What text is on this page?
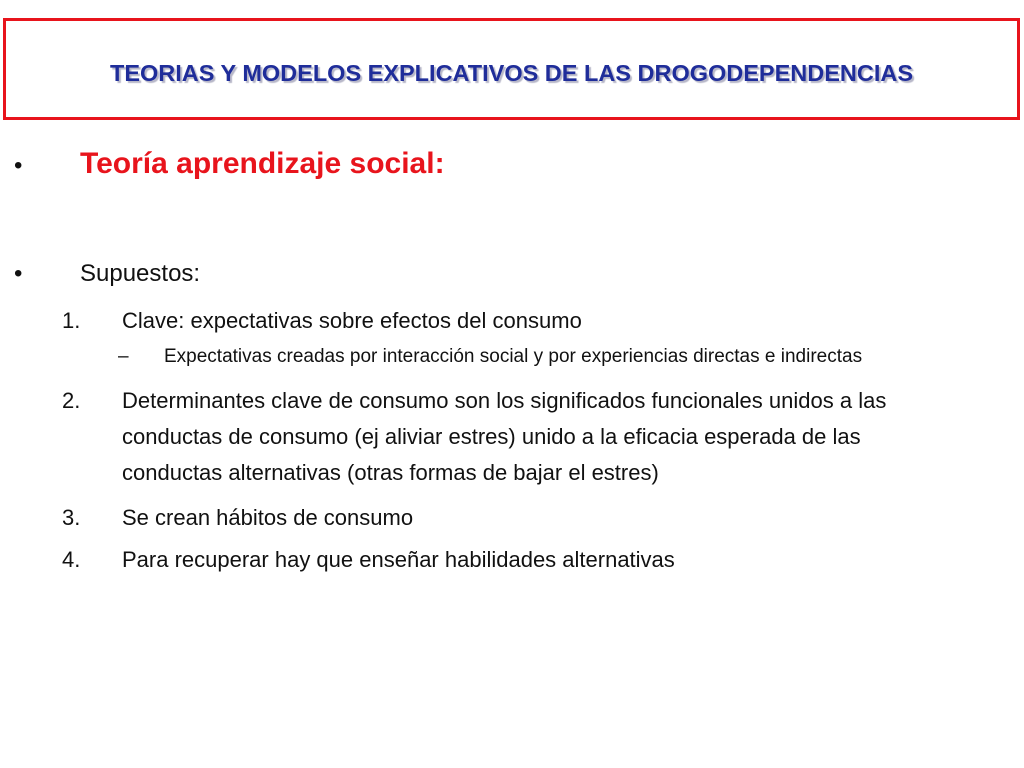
TEORIAS Y MODELOS EXPLICATIVOS DE LAS DROGODEPENDENCIAS
• Teoría aprendizaje social:
• Supuestos:
1. Clave: expectativas sobre efectos del consumo
– Expectativas creadas por interacción social y por experiencias directas e indirectas
2. Determinantes clave de consumo son los significados funcionales unidos a las
conductas de consumo (ej aliviar estres) unido a la eficacia esperada de las
conductas alternativas (otras formas de bajar el estres)
3. Se crean hábitos de consumo
4. Para recuperar hay que enseñar habilidades alternativas
